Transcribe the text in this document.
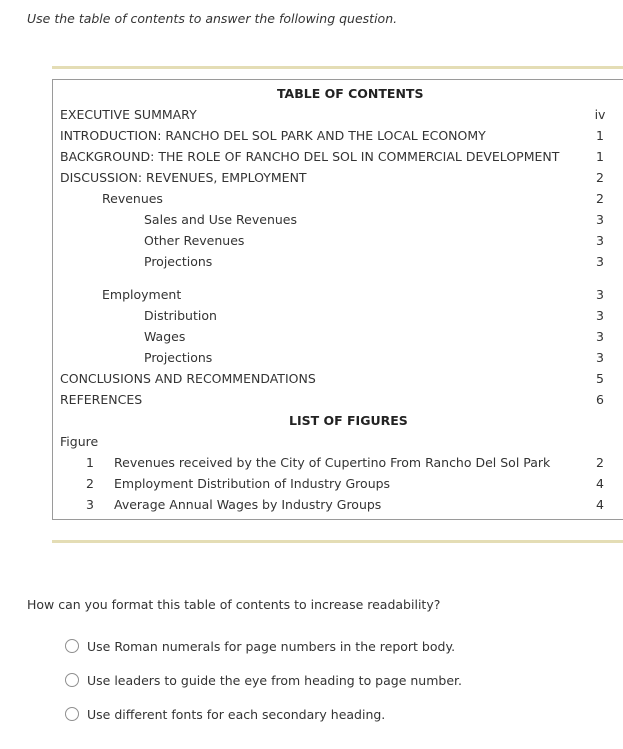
Use the table of contents to answer the following question.
TABLE OF CONTENTS
EXECUTIVE SUMMARY	iv
INTRODUCTION: RANCHO DEL SOL PARK AND THE LOCAL ECONOMY	1
BACKGROUND: THE ROLE OF RANCHO DEL SOL IN COMMERCIAL DEVELOPMENT	1
DISCUSSION: REVENUES, EMPLOYMENT	2
Revenues	2
Sales and Use Revenues	3
Other Revenues	3
Projections	3
Employment	3
Distribution	3
Wages	3
Projections	3
CONCLUSIONS AND RECOMMENDATIONS	5
REFERENCES	6
LIST OF FIGURES
Figure
1 Revenues received by the City of Cupertino From Rancho Del Sol Park	2
2 Employment Distribution of Industry Groups	4
3 Average Annual Wages by Industry Groups	4
How can you format this table of contents to increase readability?
Use Roman numerals for page numbers in the report body.
Use leaders to guide the eye from heading to page number.
Use different fonts for each secondary heading.
